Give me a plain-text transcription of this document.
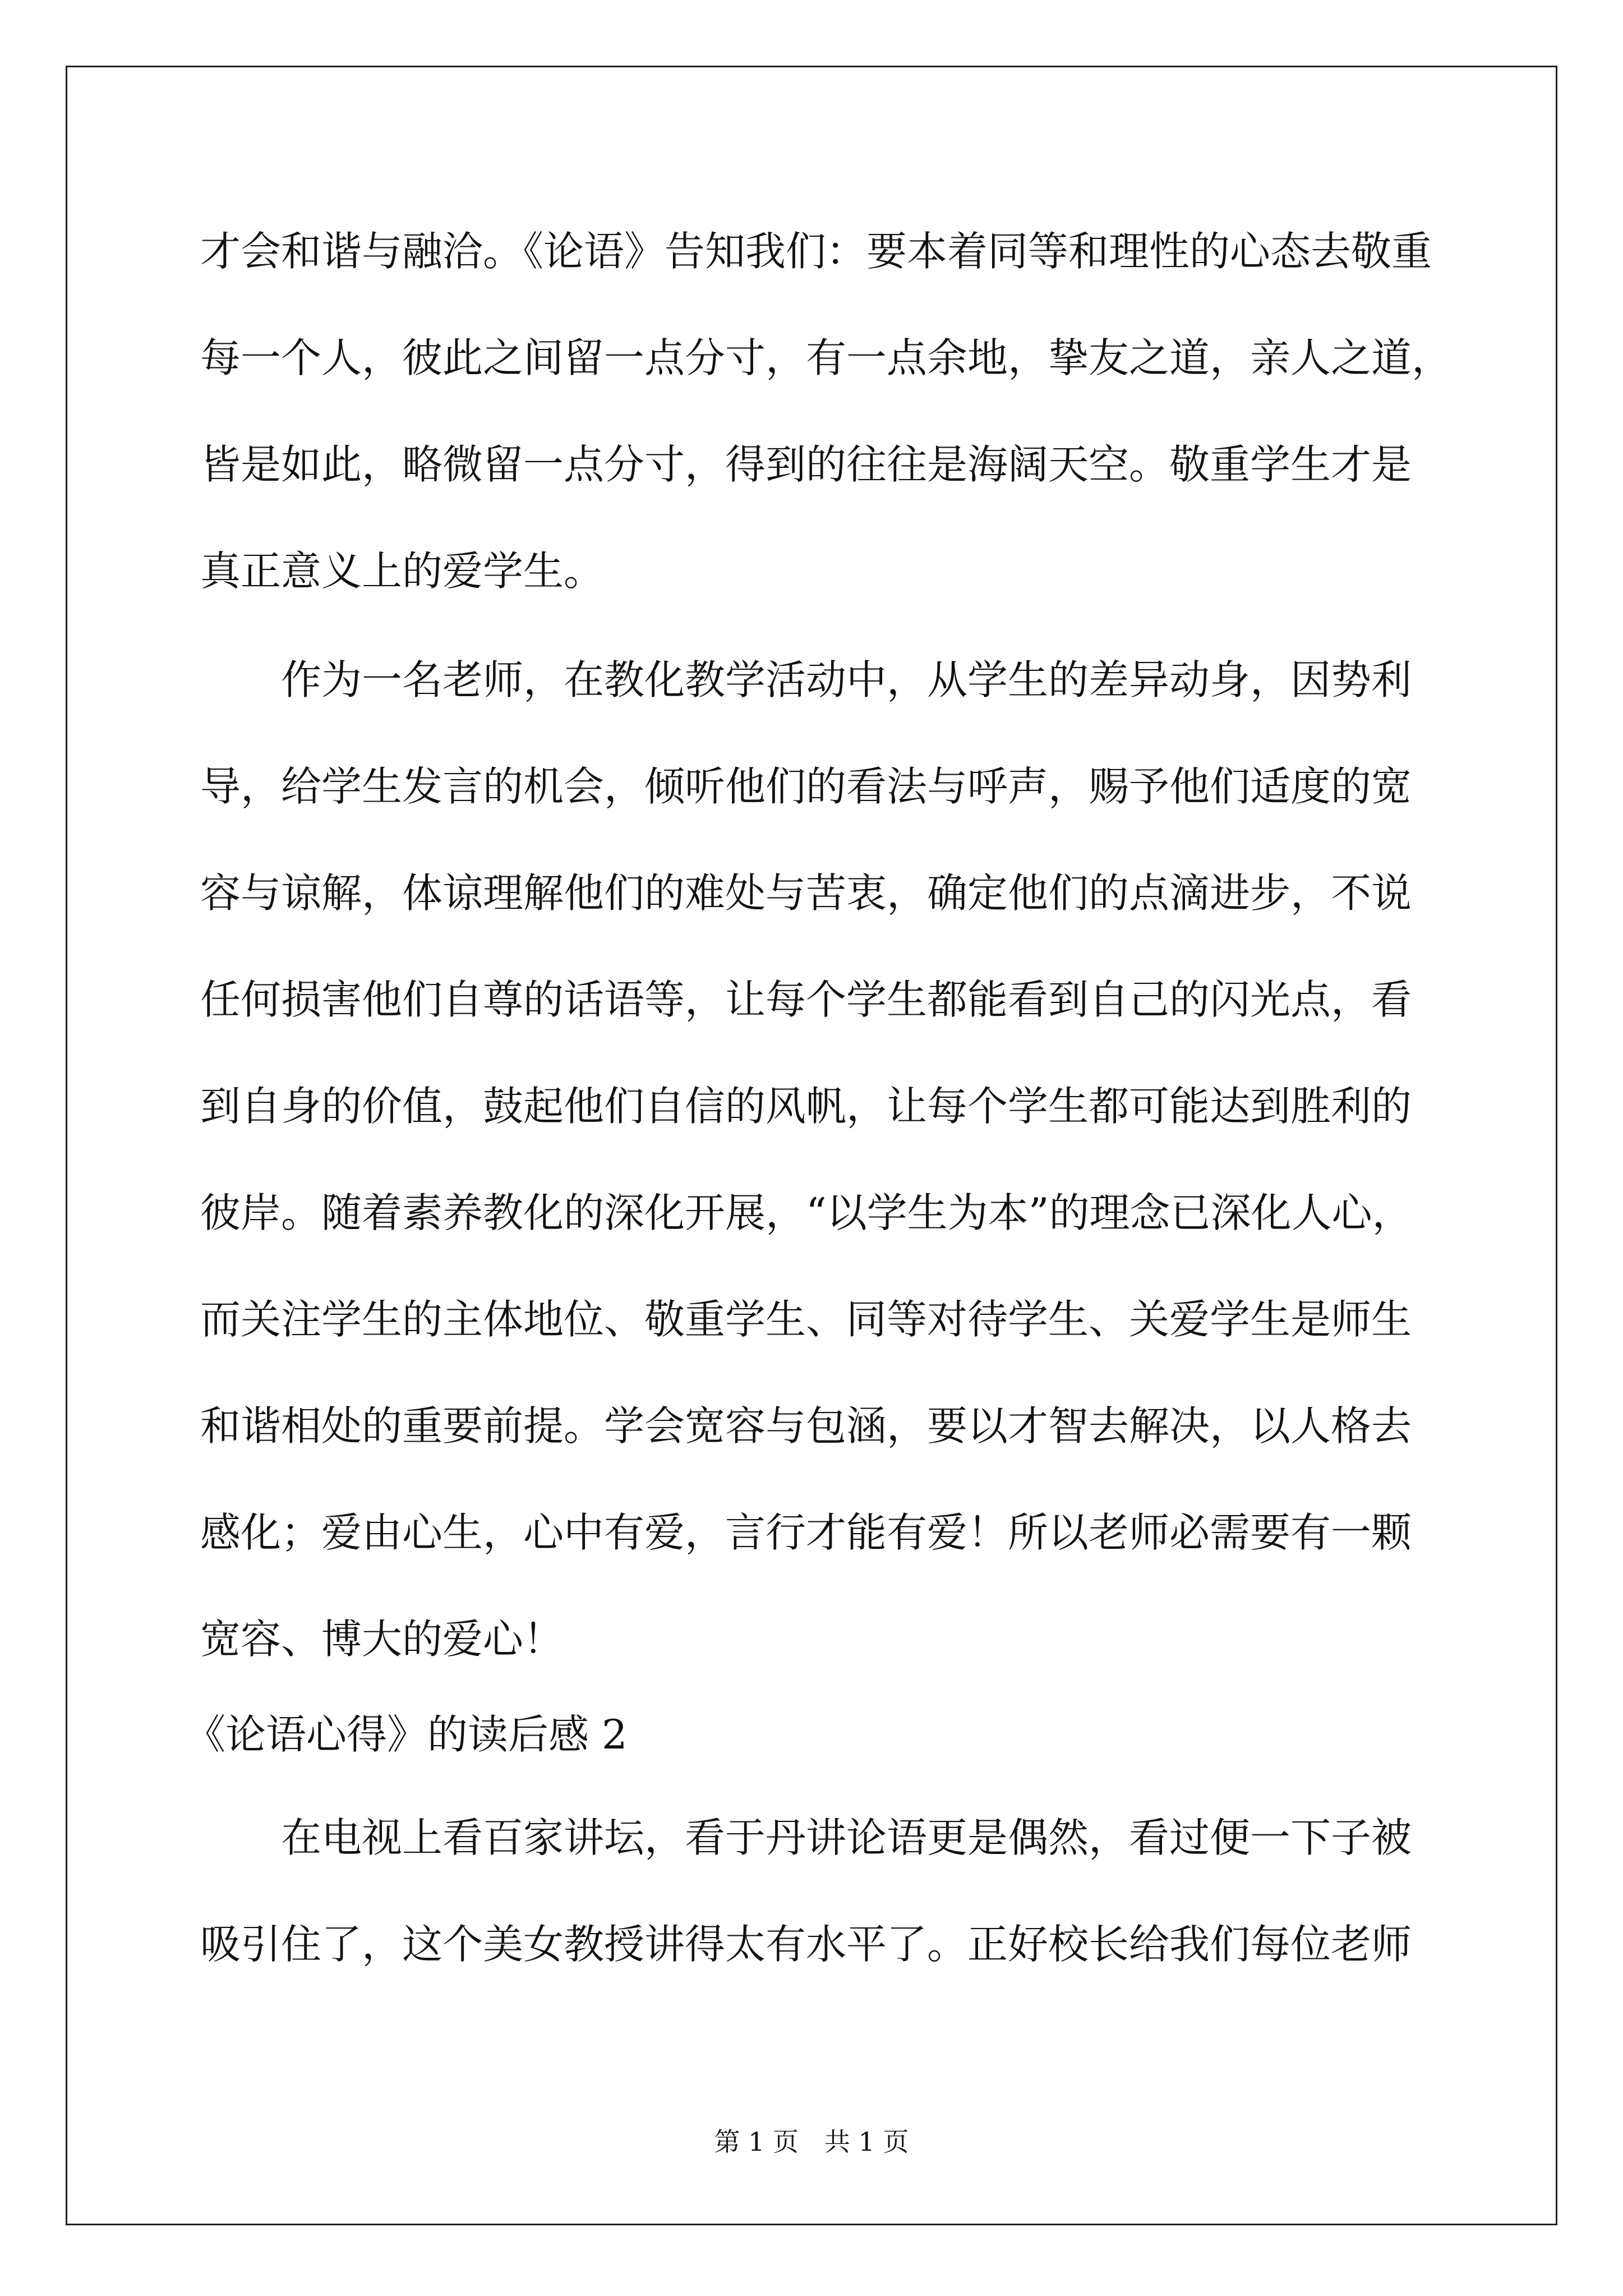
才会和谐与融洽。《论语》告知我们：要本着同等和理性的心态去敬重
每一个人，彼此之间留一点分寸，有一点余地，挚友之道，亲人之道，
皆是如此，略微留一点分寸，得到的往往是海阔天空。敬重学生才是
真正意义上的爱学生。
　　作为一名老师，在教化教学活动中，从学生的差异动身，因势利
导，给学生发言的机会，倾听他们的看法与呼声，赐予他们适度的宽
容与谅解，体谅理解他们的难处与苦衷，确定他们的点滴进步，不说
任何损害他们自尊的话语等，让每个学生都能看到自己的闪光点，看
到自身的价值，鼓起他们自信的风帆，让每个学生都可能达到胜利的
彼岸。随着素养教化的深化开展，“以学生为本”的理念已深化人心，
而关注学生的主体地位、敬重学生、同等对待学生、关爱学生是师生
和谐相处的重要前提。学会宽容与包涵，要以才智去解决，以人格去
感化；爱由心生，心中有爱，言行才能有爱！所以老师必需要有一颗
宽容、博大的爱心！
《论语心得》的读后感 2
　　在电视上看百家讲坛，看于丹讲论语更是偶然，看过便一下子被
吸引住了，这个美女教授讲得太有水平了。正好校长给我们每位老师
第 1 页　共 1 页
